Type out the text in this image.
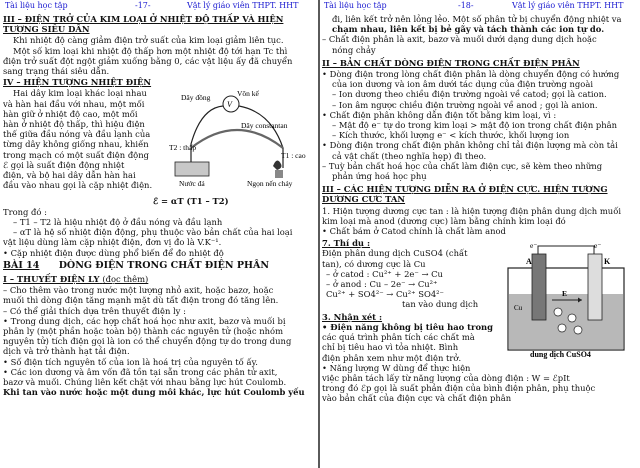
Tài liệu học tập	-17-	Vật lý giáo viên THPT. HHT
III – ĐIỆN TRỞ CỦA KIM LOẠI Ở NHIỆT ĐỘ THẤP VÀ HIỆN TƯỢNG SIÊU DẪN

Khi nhiệt độ càng giảm điện trở suất của kim loại giảm liên tục.

Một số kim loại khi nhiệt độ thấp hơn một nhiệt độ tới hạn Tc thì

điện trở suất đột ngột giảm xuống bằng 0, các vật liệu ấy đã chuyển

sang trạng thái siêu dẫn.

IV – HIỆN TƯỢNG NHIỆT ĐIỆN

Hai dây kim loại khác loại nhau

và hàn hai đầu với nhau, một mối

hàn giữ ở nhiệt độ cao, một mối

hàn ở nhiệt độ thấp, thì hiệu điện

thế giữa đầu nóng và đầu lạnh của

từng dây không giống nhau, khiến

trong mạch có một suất điện động

ℰ gọi là suất điện động nhiệt

điện, và bộ hai dây dẫn hàn hai

đầu vào nhau gọi là cặp nhiệt điện.

Dây đồng	Vôn kế
V
Dây constantan
T2 : thấp
T1 : cao
Nước đá	Ngọn nến cháy
ℰ = αT (T1 – T2)

Trong đó :

– T1 – T2 là hiệu nhiệt độ ở đầu nóng và đầu lạnh

– αT là hệ số nhiệt điện động, phụ thuộc vào bản chất của hai loại

vật liệu dùng làm cặp nhiệt điện, đơn vị đo là V.K⁻¹.

• Cặp nhiệt điện được dùng phổ biến để đo nhiệt độ

BÀI 14 DÒNG ĐIỆN TRONG CHẤT ĐIỆN PHÂN
I – THUYẾT ĐIỆN LY (đọc thêm)

– Cho thêm vào trong nước một lượng nhỏ axit, hoặc bazơ, hoặc

muối thì dòng điện tăng mạnh mặt dù tất điện trong đó tăng lên.

– Có thể giải thích dựa trên thuyết điện ly :

• Trong dung dịch, các hợp chất hoá học như axit, bazơ và muối bị

phân ly (một phần hoặc toàn bộ) thành các nguyên tử (hoặc nhóm

nguyên tử) tích điện gọi là ion có thể chuyển động tự do trong dung

dịch và trở thành hạt tải điện.

• Số điện tích nguyên tố của ion là hoá trị của nguyên tố ấy.

• Các ion dương và âm vốn đã tồn tại sẵn trong các phân tử axit,

bazơ và muối. Chúng liên kết chặt với nhau bằng lực hút Coulomb.

Khi tan vào nước hoặc một dung môi khác, lực hút Coulomb yếu

Tài liệu học tập	-18-	Vật lý giáo viên THPT. HHT

đi, liên kết trở nên lỏng lẻo. Một số phân tử bị chuyển động nhiệt va

chạm nhau, liên kết bị bẻ gãy và tách thành các ion tự do.

– Chất điện phân là axit, bazơ và muối dưới dạng dung dịch hoặc

nóng chảy

II – BẢN CHẤT DÒNG ĐIỆN TRONG CHẤT ĐIỆN PHÂN

• Dòng điện trong lòng chất điện phân là dòng chuyển động có hướng

của ion dương và ion âm dưới tác dụng của điện trường ngoài

– Ion dương theo chiều điện trường ngoài về catod; gọi là cation.

– Ion âm ngược chiều điện trường ngoài về anod ; gọi là anion.

• Chất điện phân không dẫn điện tốt bằng kim loại, vì :

– Mật độ e⁻ tự do trong kim loại > mật độ ion trong chất điện phân

– Kích thước, khối lượng e⁻ < kích thước, khối lượng ion

• Dòng điện trong chất điện phân không chỉ tải điện lượng mà còn tải

cả vật chất (theo nghĩa hẹp) đi theo.

– Tuỳ bản chất hoá học của chất làm điện cực, sẽ kèm theo những

phản ứng hoá học phụ

III – CÁC HIỆN TƯỢNG DIỄN RA Ở ĐIỆN CỰC. HIỆN TƯỢNG DƯƠNG CỰC TAN

1. Hiện tượng dương cực tan : là hiện tượng điện phân dung dịch muối

kim loại mà anod (dương cực) làm bằng chính kim loại đó

• Chất bám ở Catod chính là chất làm anod

7. Thí dụ :

Điện phân dung dịch CuSO4 (chất

tan), có dương cực là Cu

– ở catod : Cu²⁺ + 2e⁻ → Cu

– ở anod : Cu – 2e⁻ → Cu²⁺

Cu²⁺ + SO4²⁻ → Cu²⁺ SO4²⁻

tan vào dung dịch

3. Nhận xét :

• Điện năng không bị tiêu hao trong

các quá trình phân tích các chất mà

chỉ bị tiêu hao vì tỏa nhiệt. Bình

điện phân xem như một điện trở.

• Năng lượng W dùng để thực hiện

e⁻	e⁻
A	K
Cu
E
dung dịch CuSO4

việc phân tách lấy từ năng lượng của dòng điện : W = ℰpIt

trong đó ℰp gọi là suất phản điện của bình điện phân, phụ thuộc

vào bản chất của điện cực và chất điện phân
